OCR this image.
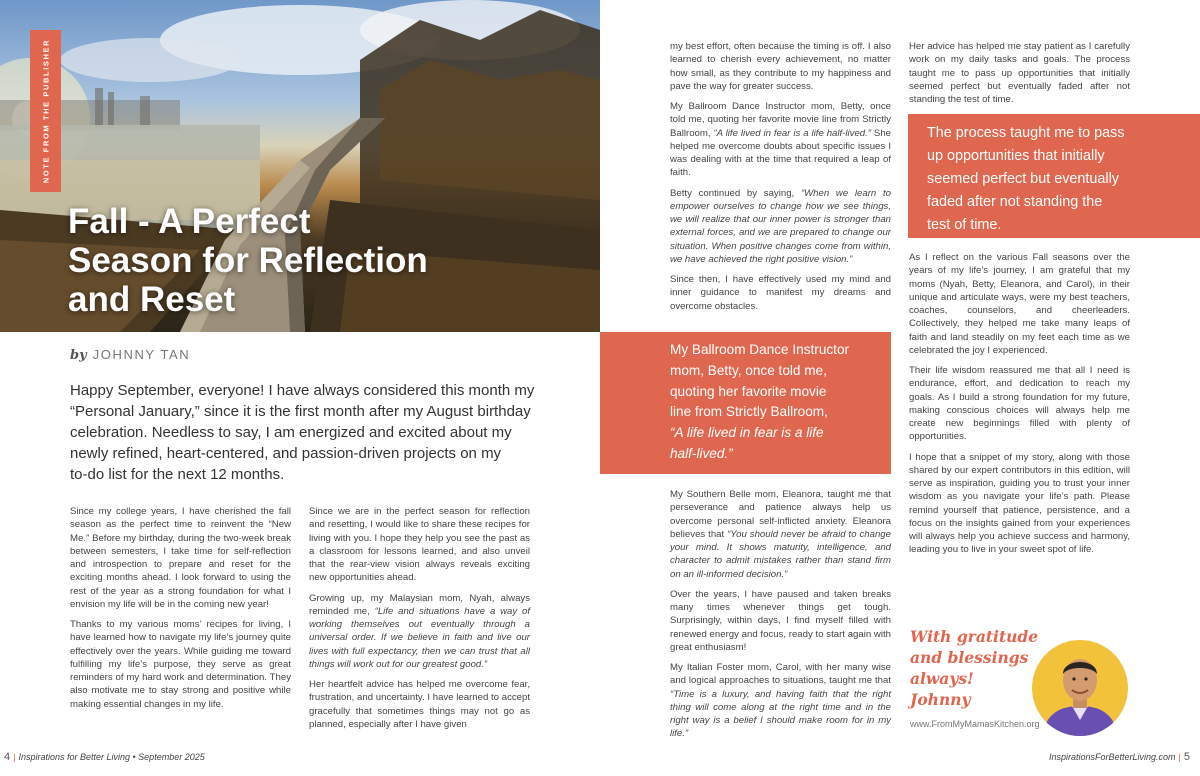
NOTE FROM THE PUBLISHER
Fall - A Perfect
Season for Reflection
and Reset
by JOHNNY TAN
Happy September, everyone! I have always considered this month my
“Personal January,” since it is the first month after my August birthday
celebration. Needless to say, I am energized and excited about my
newly refined, heart-centered, and passion-driven projects on my
to-do list for the next 12 months.

Since my college years, I have cherished the fall season as the perfect time to reinvent the “New Me.” Before my birthday, during the two-week break between semesters, I take time for self-reflection and introspection to prepare and reset for the exciting months ahead. I look forward to using the rest of the year as a strong foundation for what I envision my life will be in the coming new year!

Thanks to my various moms’ recipes for living, I have learned how to navigate my life’s journey quite effectively over the years. While guiding me toward fulfilling my life’s purpose, they serve as great reminders of my hard work and determination. They also motivate me to stay strong and positive while making essential changes in my life.

Since we are in the perfect season for reflection and resetting, I would like to share these recipes for living with you. I hope they help you see the past as a classroom for lessons learned, and also unveil that the rear-view vision always reveals exciting new opportunities ahead.

Growing up, my Malaysian mom, Nyah, always reminded me, “Life and situations have a way of working themselves out eventually through a universal order. If we believe in faith and live our lives with full expectancy, then we can trust that all things will work out for our greatest good.”

Her heartfelt advice has helped me overcome fear, frustration, and uncertainty. I have learned to accept gracefully that sometimes things may not go as planned, especially after I have given

4 | Inspirations for Better Living • September 2025

my best effort, often because the timing is off. I also learned to cherish every achievement, no matter how small, as they contribute to my happiness and pave the way for greater success.

My Ballroom Dance Instructor mom, Betty, once told me, quoting her favorite movie line from Strictly Ballroom, “A life lived in fear is a life half-lived.” She helped me overcome doubts about specific issues I was dealing with at the time that required a leap of faith.

Betty continued by saying, “When we learn to empower ourselves to change how we see things, we will realize that our inner power is stronger than external forces, and we are prepared to change our situation. When positive changes come from within, we have achieved the right positive vision.”

Since then, I have effectively used my mind and inner guidance to manifest my dreams and overcome obstacles.

My Ballroom Dance Instructor
mom, Betty, once told me,
quoting her favorite movie
line from Strictly Ballroom,
“A life lived in fear is a life
half-lived.”

My Southern Belle mom, Eleanora, taught me that perseverance and patience always help us overcome personal self-inflicted anxiety. Eleanora believes that “You should never be afraid to change your mind. It shows maturity, intelligence, and character to admit mistakes rather than stand firm on an ill-informed decision.”

Over the years, I have paused and taken breaks many times whenever things get tough. Surprisingly, within days, I find myself filled with renewed energy and focus, ready to start again with great enthusiasm!

My Italian Foster mom, Carol, with her many wise and logical approaches to situations, taught me that “Time is a luxury, and having faith that the right thing will come along at the right time and in the right way is a belief I should make room for in my life.”

Her advice has helped me stay patient as I carefully work on my daily tasks and goals. The process taught me to pass up opportunities that initially seemed perfect but eventually faded after not standing the test of time.

The process taught me to pass
up opportunities that initially
seemed perfect but eventually
faded after not standing the
test of time.

As I reflect on the various Fall seasons over the years of my life’s journey, I am grateful that my moms (Nyah, Betty, Eleanora, and Carol), in their unique and articulate ways, were my best teachers, coaches, counselors, and cheerleaders. Collectively, they helped me take many leaps of faith and land steadily on my feet each time as we celebrated the joy I experienced.

Their life wisdom reassured me that all I need is endurance, effort, and dedication to reach my goals. As I build a strong foundation for my future, making conscious choices will always help me create new beginnings filled with plenty of opportunities.

I hope that a snippet of my story, along with those shared by our expert contributors in this edition, will serve as inspiration, guiding you to trust your inner wisdom as you navigate your life’s path. Please remind yourself that patience, persistence, and a focus on the insights gained from your experiences will always help you achieve success and harmony, leading you to live in your sweet spot of life.

With gratitude
and blessings
always!
Johnny
www.FromMyMamasKitchen.org
InspirationsForBetterLiving.com | 5
